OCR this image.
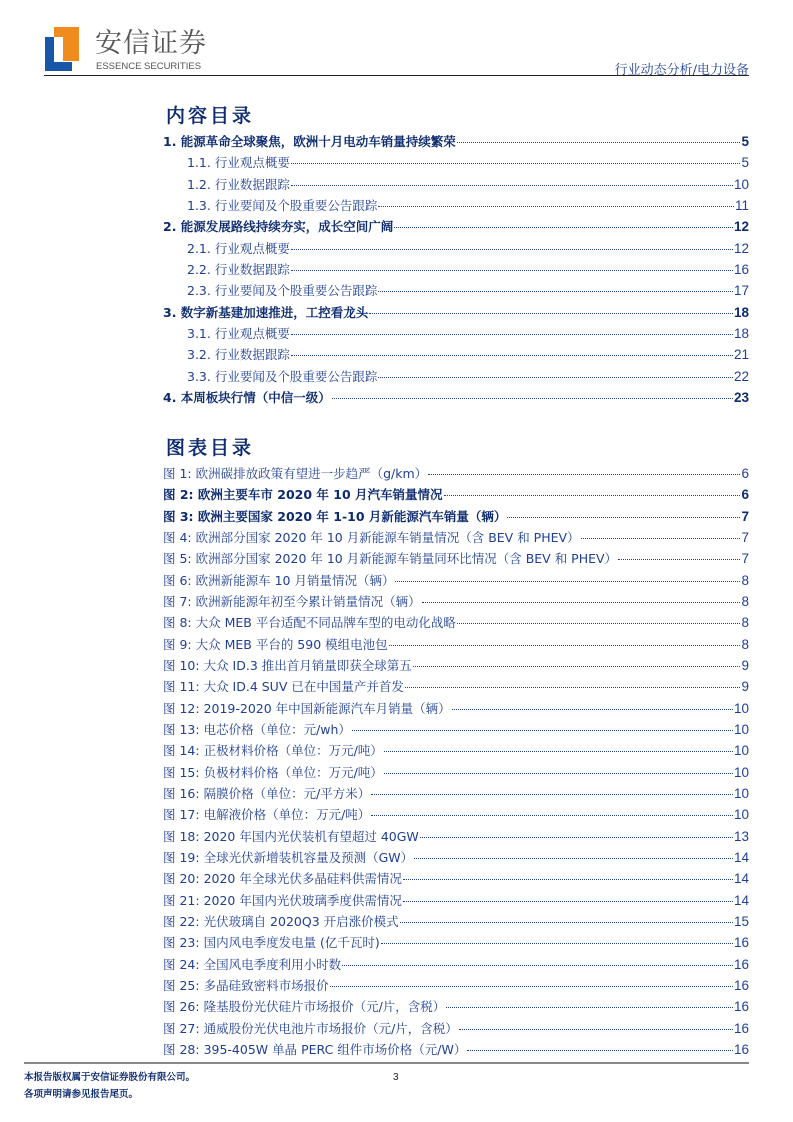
安信证券
ESSENCE SECURITIES	行业动态分析/电力设备
内容目录
1. 能源革命全球聚焦，欧洲十月电动车销量持续繁荣	5
1.1. 行业观点概要	5
1.2. 行业数据跟踪	10
1.3. 行业要闻及个股重要公告跟踪	11
2. 能源发展路线持续夯实，成长空间广阔	12
2.1. 行业观点概要	12
2.2. 行业数据跟踪	16
2.3. 行业要闻及个股重要公告跟踪	17
3. 数字新基建加速推进，工控看龙头	18
3.1. 行业观点概要	18
3.2. 行业数据跟踪	21
3.3. 行业要闻及个股重要公告跟踪	22
4. 本周板块行情（中信一级）	23
图表目录
图 1: 欧洲碳排放政策有望进一步趋严（g/km）	6
图 2: 欧洲主要车市 2020 年 10 月汽车销量情况	6
图 3: 欧洲主要国家 2020 年 1-10 月新能源汽车销量（辆）	7
图 4: 欧洲部分国家 2020 年 10 月新能源车销量情况（含 BEV 和 PHEV）	7
图 5: 欧洲部分国家 2020 年 10 月新能源车销量同环比情况（含 BEV 和 PHEV）	7
图 6: 欧洲新能源车 10 月销量情况（辆）	8
图 7: 欧洲新能源年初至今累计销量情况（辆）	8
图 8: 大众 MEB 平台适配不同品牌车型的电动化战略	8
图 9: 大众 MEB 平台的 590 模组电池包	8
图 10: 大众 ID.3 推出首月销量即获全球第五	9
图 11: 大众 ID.4 SUV 已在中国量产并首发	9
图 12: 2019-2020 年中国新能源汽车月销量（辆）	10
图 13: 电芯价格（单位：元/wh）	10
图 14: 正极材料价格（单位：万元/吨）	10
图 15: 负极材料价格（单位：万元/吨）	10
图 16: 隔膜价格（单位：元/平方米）	10
图 17: 电解液价格（单位：万元/吨）	10
图 18: 2020 年国内光伏装机有望超过 40GW	13
图 19: 全球光伏新增装机容量及预测（GW）	14
图 20: 2020 年全球光伏多晶硅料供需情况	14
图 21: 2020 年国内光伏玻璃季度供需情况	14
图 22: 光伏玻璃自 2020Q3 开启涨价模式	15
图 23: 国内风电季度发电量 (亿千瓦时)	16
图 24: 全国风电季度利用小时数	16
图 25: 多晶硅致密料市场报价	16
图 26: 隆基股份光伏硅片市场报价（元/片，含税）	16
图 27: 通威股份光伏电池片市场报价（元/片，含税）	16
图 28: 395-405W 单晶 PERC 组件市场价格（元/W）	16
本报告版权属于安信证券股份有限公司。
各项声明请参见报告尾页。
3
